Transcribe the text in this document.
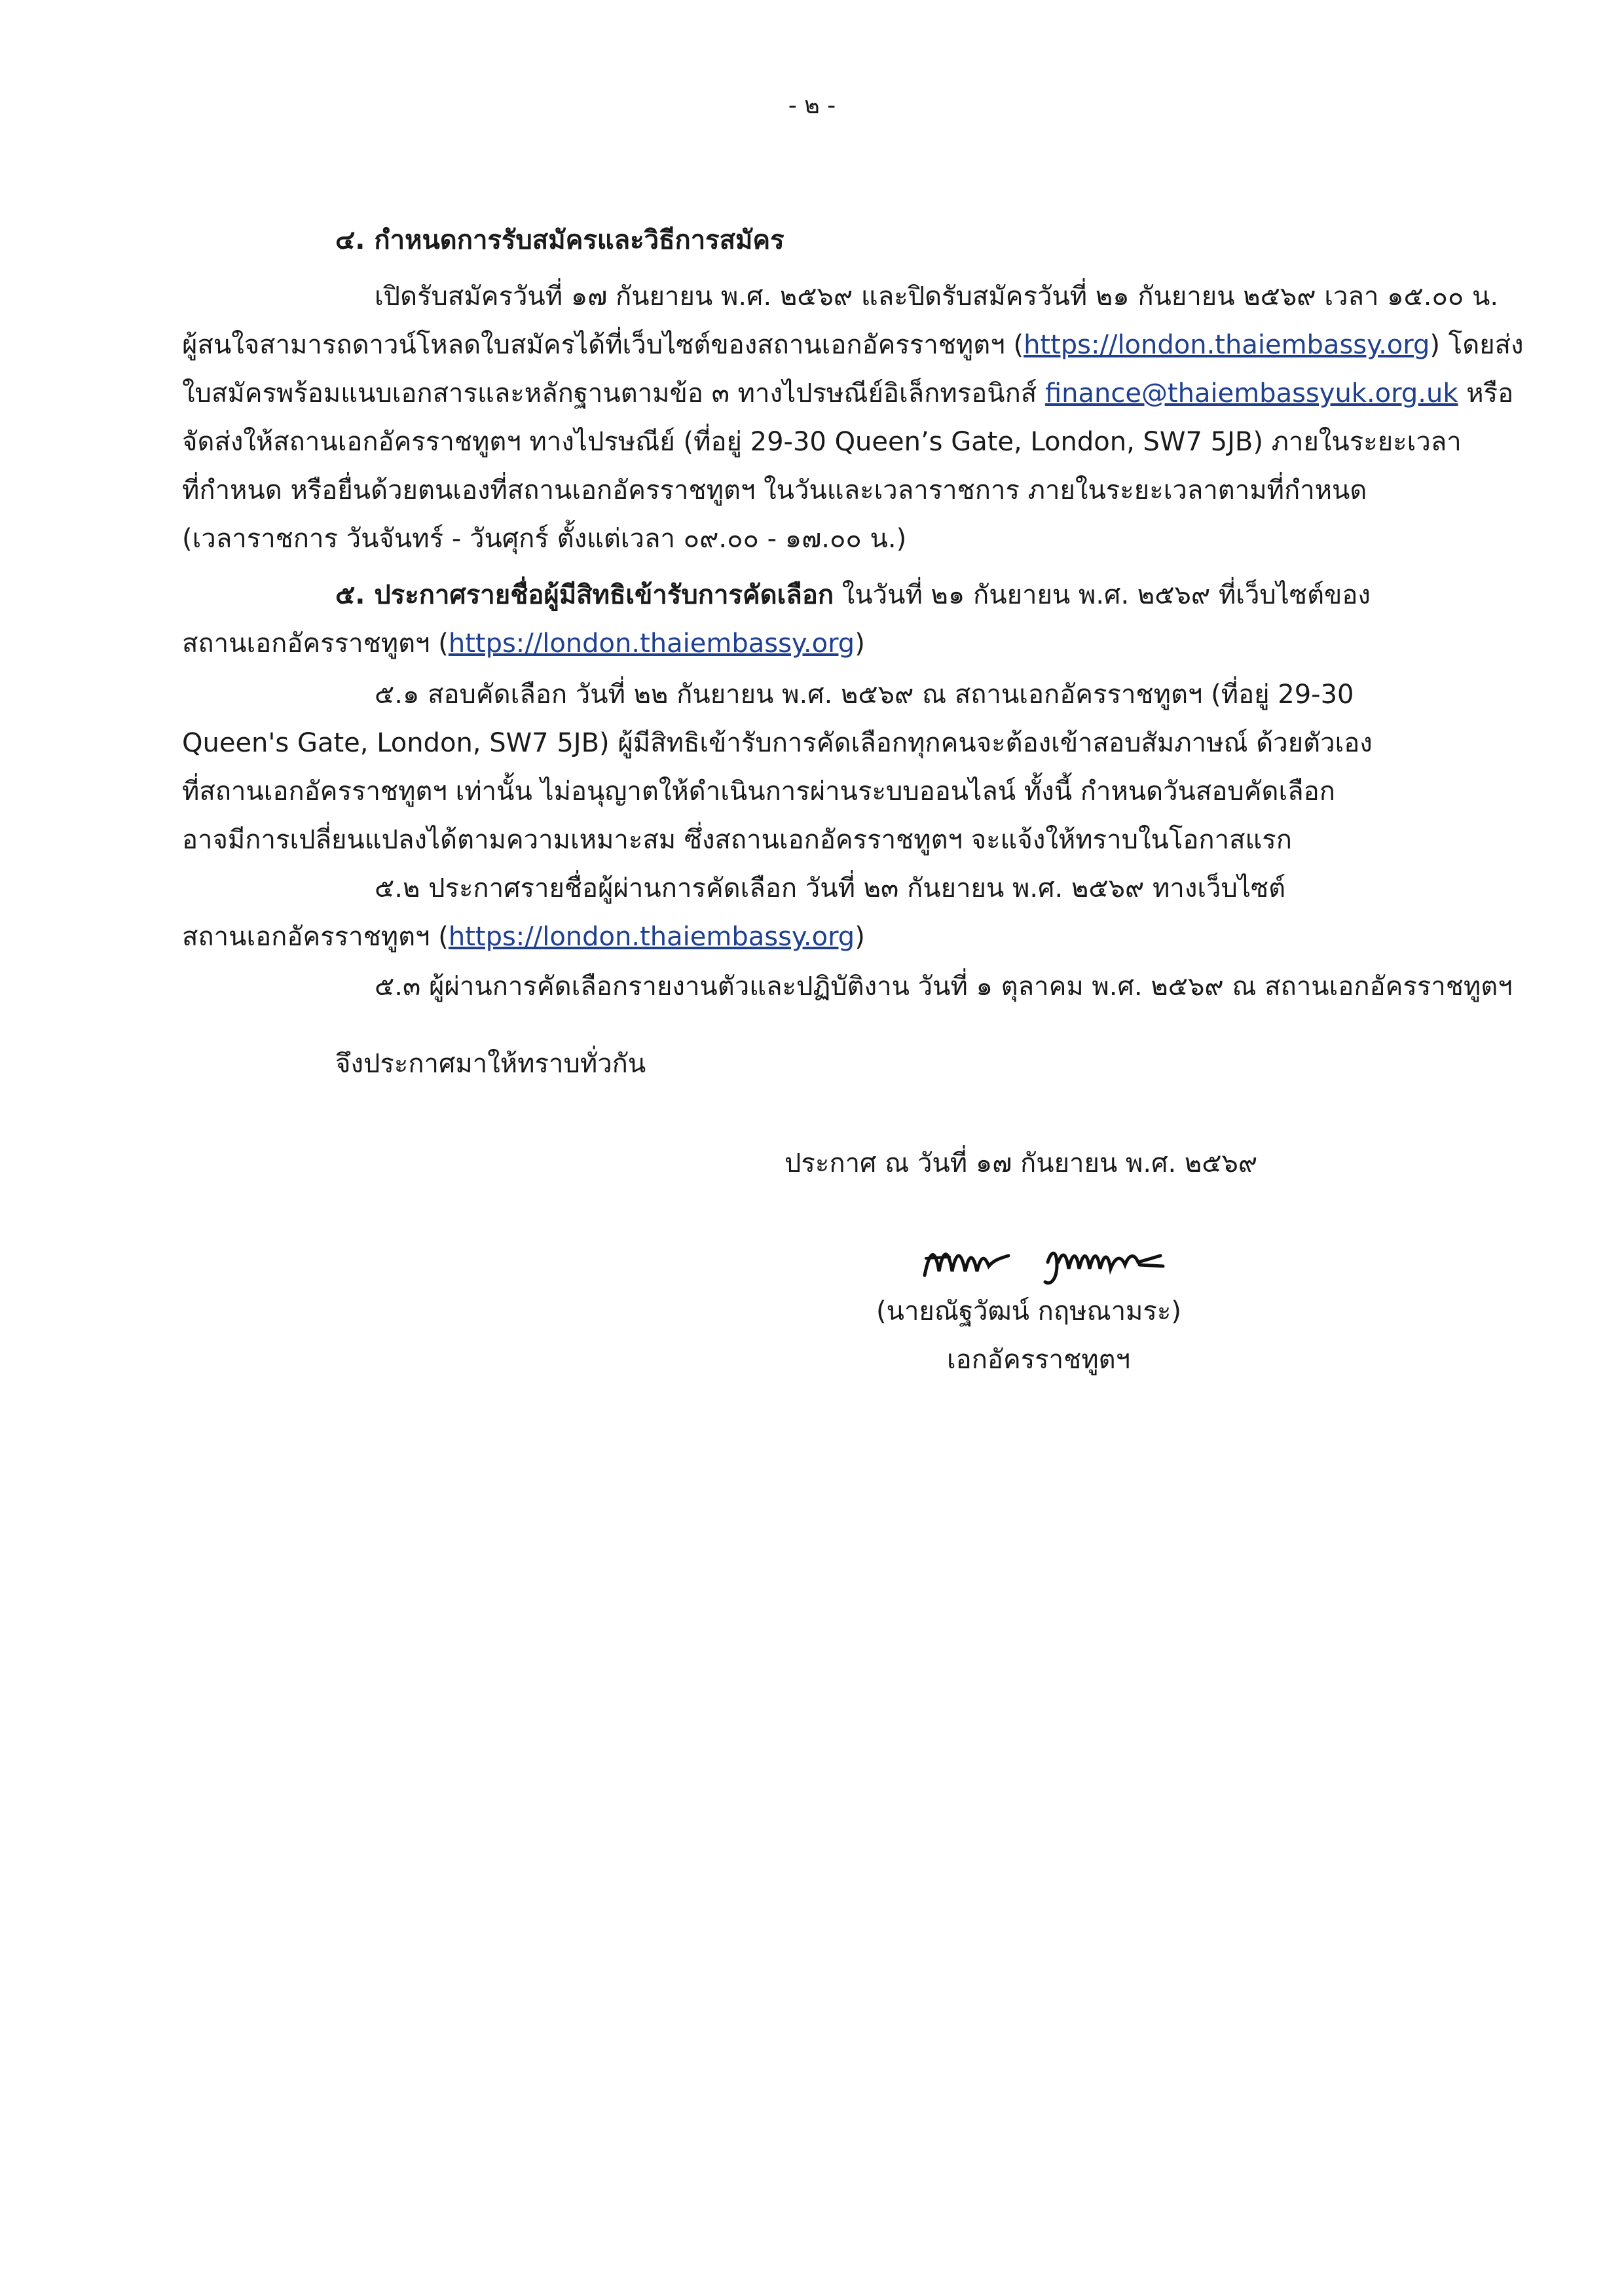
- ๒ -
๔. กำหนดการรับสมัครและวิธีการสมัคร
เปิดรับสมัครวันที่ ๑๗ กันยายน พ.ศ. ๒๕๖๙ และปิดรับสมัครวันที่ ๒๑ กันยายน ๒๕๖๙ เวลา ๑๕.๐๐ น.
ผู้สนใจสามารถดาวน์โหลดใบสมัครได้ที่เว็บไซต์ของสถานเอกอัครราชทูตฯ (https://london.thaiembassy.org) โดยส่ง
ใบสมัครพร้อมแนบเอกสารและหลักฐานตามข้อ ๓ ทางไปรษณีย์อิเล็กทรอนิกส์ finance@thaiembassyuk.org.uk หรือ
จัดส่งให้สถานเอกอัครราชทูตฯ ทางไปรษณีย์ (ที่อยู่ 29-30 Queen’s Gate, London, SW7 5JB) ภายในระยะเวลา
ที่กำหนด หรือยื่นด้วยตนเองที่สถานเอกอัครราชทูตฯ ในวันและเวลาราชการ ภายในระยะเวลาตามที่กำหนด
(เวลาราชการ วันจันทร์ - วันศุกร์ ตั้งแต่เวลา ๐๙.๐๐ - ๑๗.๐๐ น.)
๕. ประกาศรายชื่อผู้มีสิทธิเข้ารับการคัดเลือก ในวันที่ ๒๑ กันยายน พ.ศ. ๒๕๖๙ ที่เว็บไซต์ของ
สถานเอกอัครราชทูตฯ (https://london.thaiembassy.org)
๕.๑ สอบคัดเลือก วันที่ ๒๒ กันยายน พ.ศ. ๒๕๖๙ ณ สถานเอกอัครราชทูตฯ (ที่อยู่ 29-30
Queen's Gate, London, SW7 5JB) ผู้มีสิทธิเข้ารับการคัดเลือกทุกคนจะต้องเข้าสอบสัมภาษณ์ ด้วยตัวเอง
ที่สถานเอกอัครราชทูตฯ เท่านั้น ไม่อนุญาตให้ดำเนินการผ่านระบบออนไลน์ ทั้งนี้ กำหนดวันสอบคัดเลือก
อาจมีการเปลี่ยนแปลงได้ตามความเหมาะสม ซึ่งสถานเอกอัครราชทูตฯ จะแจ้งให้ทราบในโอกาสแรก
๕.๒ ประกาศรายชื่อผู้ผ่านการคัดเลือก วันที่ ๒๓ กันยายน พ.ศ. ๒๕๖๙ ทางเว็บไซต์
สถานเอกอัครราชทูตฯ (https://london.thaiembassy.org)
๕.๓ ผู้ผ่านการคัดเลือกรายงานตัวและปฏิบัติงาน วันที่ ๑ ตุลาคม พ.ศ. ๒๕๖๙ ณ สถานเอกอัครราชทูตฯ
จึงประกาศมาให้ทราบทั่วกัน
ประกาศ ณ วันที่ ๑๗ กันยายน พ.ศ. ๒๕๖๙
(นายณัฐวัฒน์ กฤษณามระ)
เอกอัครราชทูตฯ
